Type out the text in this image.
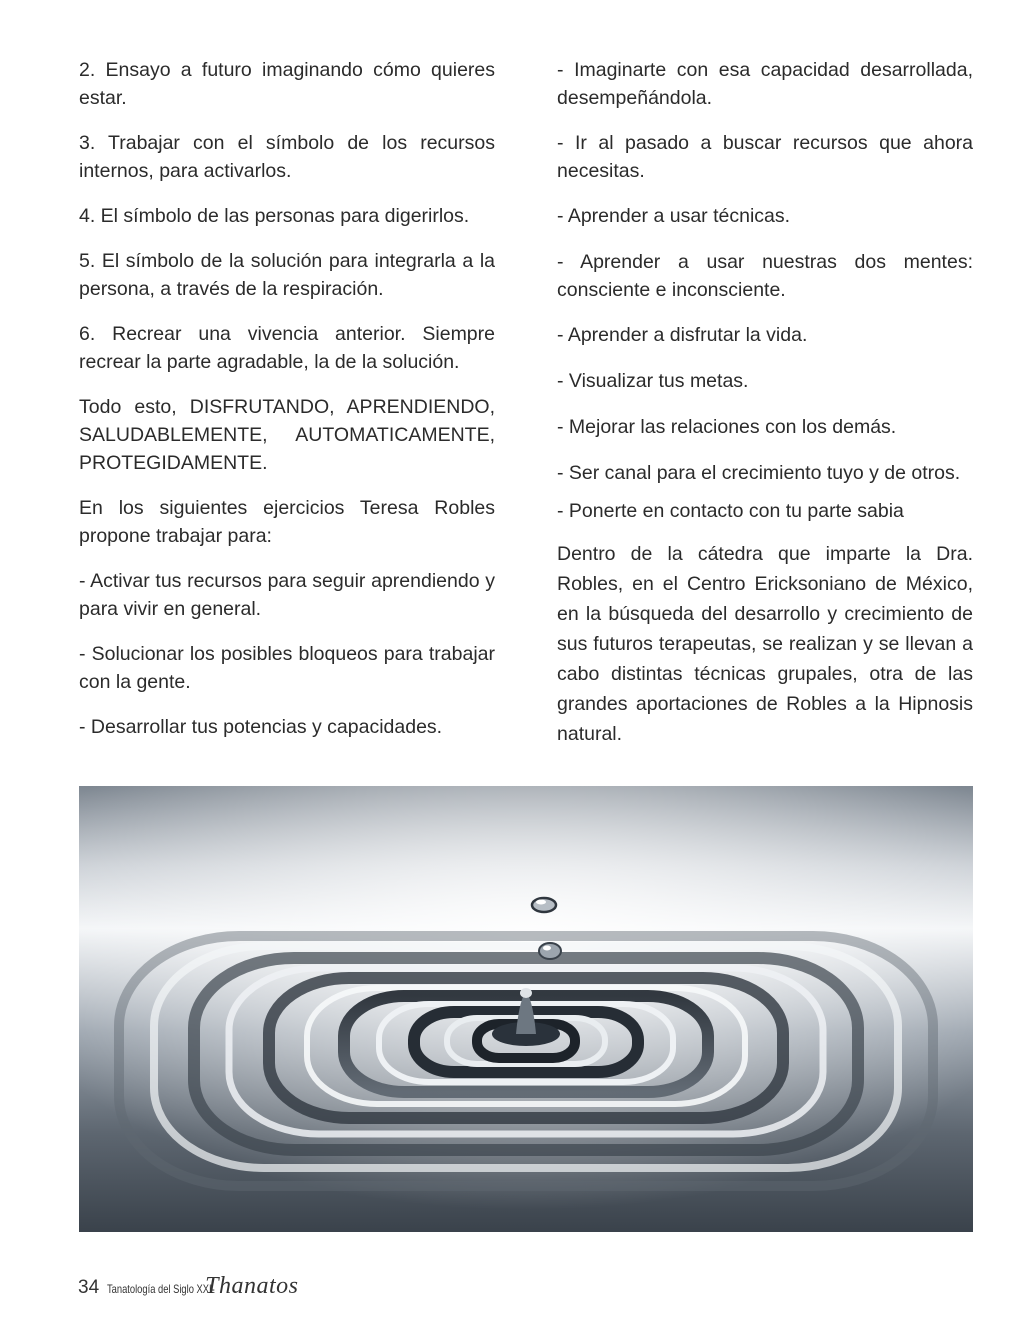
2. Ensayo a futuro imaginando cómo quieres estar.

3. Trabajar con el símbolo de los recursos internos, para activarlos.

4. El símbolo de las personas para digerirlos.

5. El símbolo de la solución para integrarla a la persona, a través de la respiración.

6. Recrear una vivencia anterior. Siempre recrear la parte agradable, la de la solución.

Todo esto, DISFRUTANDO, APRENDIENDO, SALUDABLEMENTE, AUTOMATICAMENTE, PROTEGIDAMENTE.

En los siguientes ejercicios Teresa Robles propone trabajar para:

- Activar tus recursos para seguir aprendiendo y para vivir en general.

- Solucionar los posibles bloqueos para trabajar con la gente.

- Desarrollar tus potencias y capacidades.

- Imaginarte con esa capacidad desarrollada, desempeñándola.

- Ir al pasado a buscar recursos que ahora necesitas.

- Aprender a usar técnicas.

- Aprender a usar nuestras dos mentes: consciente e inconsciente.

- Aprender a disfrutar la vida.

- Visualizar tus metas.

- Mejorar las relaciones con los demás.

- Ser canal para el crecimiento tuyo y de otros.

- Ponerte en contacto con tu parte sabia

Dentro de la cátedra que imparte la Dra. Robles, en el Centro Ericksoniano de México, en la búsqueda del desarrollo y crecimiento de sus futuros terapeutas, se realizan y se llevan a cabo distintas técnicas grupales, otra de las grandes aportaciones de Robles a la Hipnosis natural.

34 Tanatología del Siglo XXI-
Thanatos
